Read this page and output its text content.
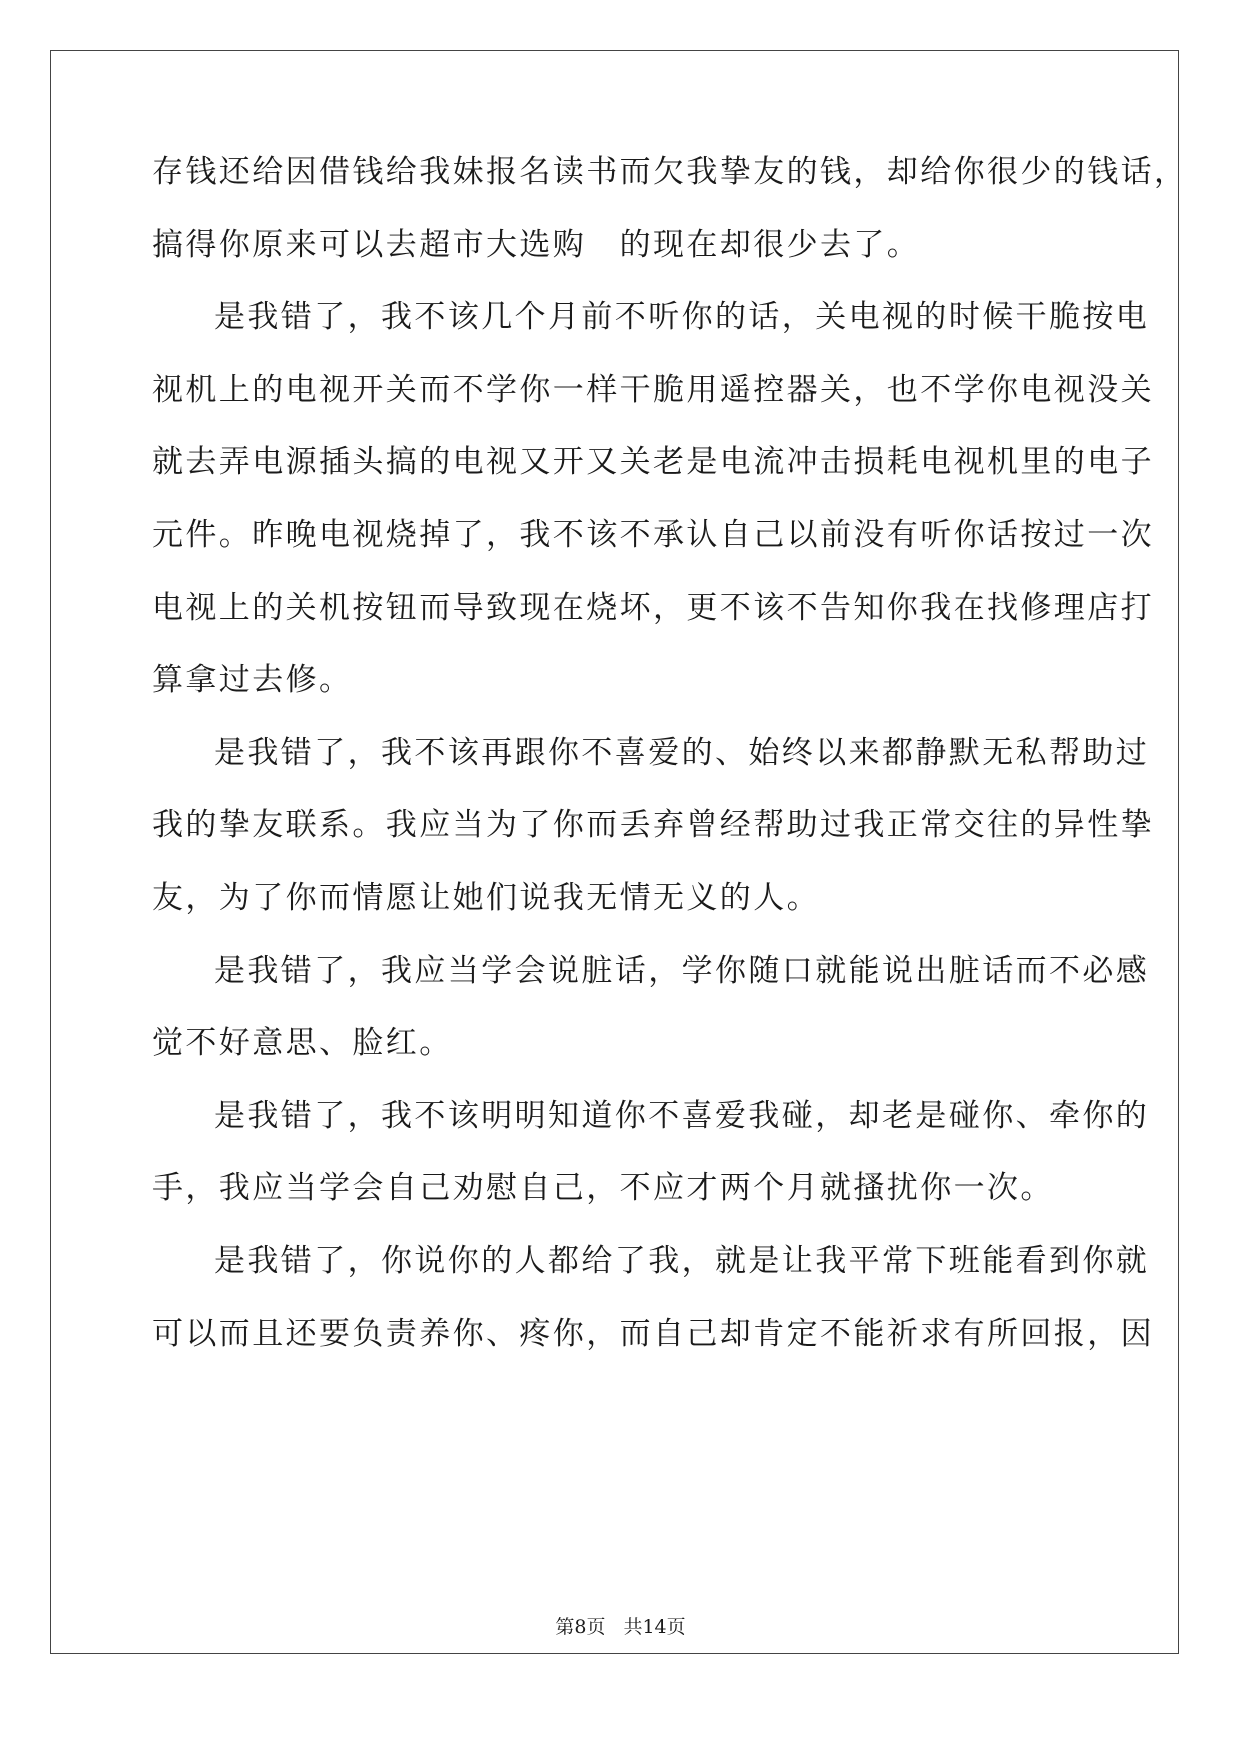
存钱还给因借钱给我妹报名读书而欠我挚友的钱，却给你很少的钱话，
搞得你原来可以去超市大选购　的现在却很少去了。
是我错了，我不该几个月前不听你的话，关电视的时候干脆按电
视机上的电视开关而不学你一样干脆用遥控器关，也不学你电视没关
就去弄电源插头搞的电视又开又关老是电流冲击损耗电视机里的电子
元件。昨晚电视烧掉了，我不该不承认自己以前没有听你话按过一次
电视上的关机按钮而导致现在烧坏，更不该不告知你我在找修理店打
算拿过去修。
是我错了，我不该再跟你不喜爱的、始终以来都静默无私帮助过
我的挚友联系。我应当为了你而丢弃曾经帮助过我正常交往的异性挚
友，为了你而情愿让她们说我无情无义的人。
是我错了，我应当学会说脏话，学你随口就能说出脏话而不必感
觉不好意思、脸红。
是我错了，我不该明明知道你不喜爱我碰，却老是碰你、牵你的
手，我应当学会自己劝慰自己，不应才两个月就搔扰你一次。
是我错了，你说你的人都给了我，就是让我平常下班能看到你就
可以而且还要负责养你、疼你，而自己却肯定不能祈求有所回报，因
第8页 共14页
